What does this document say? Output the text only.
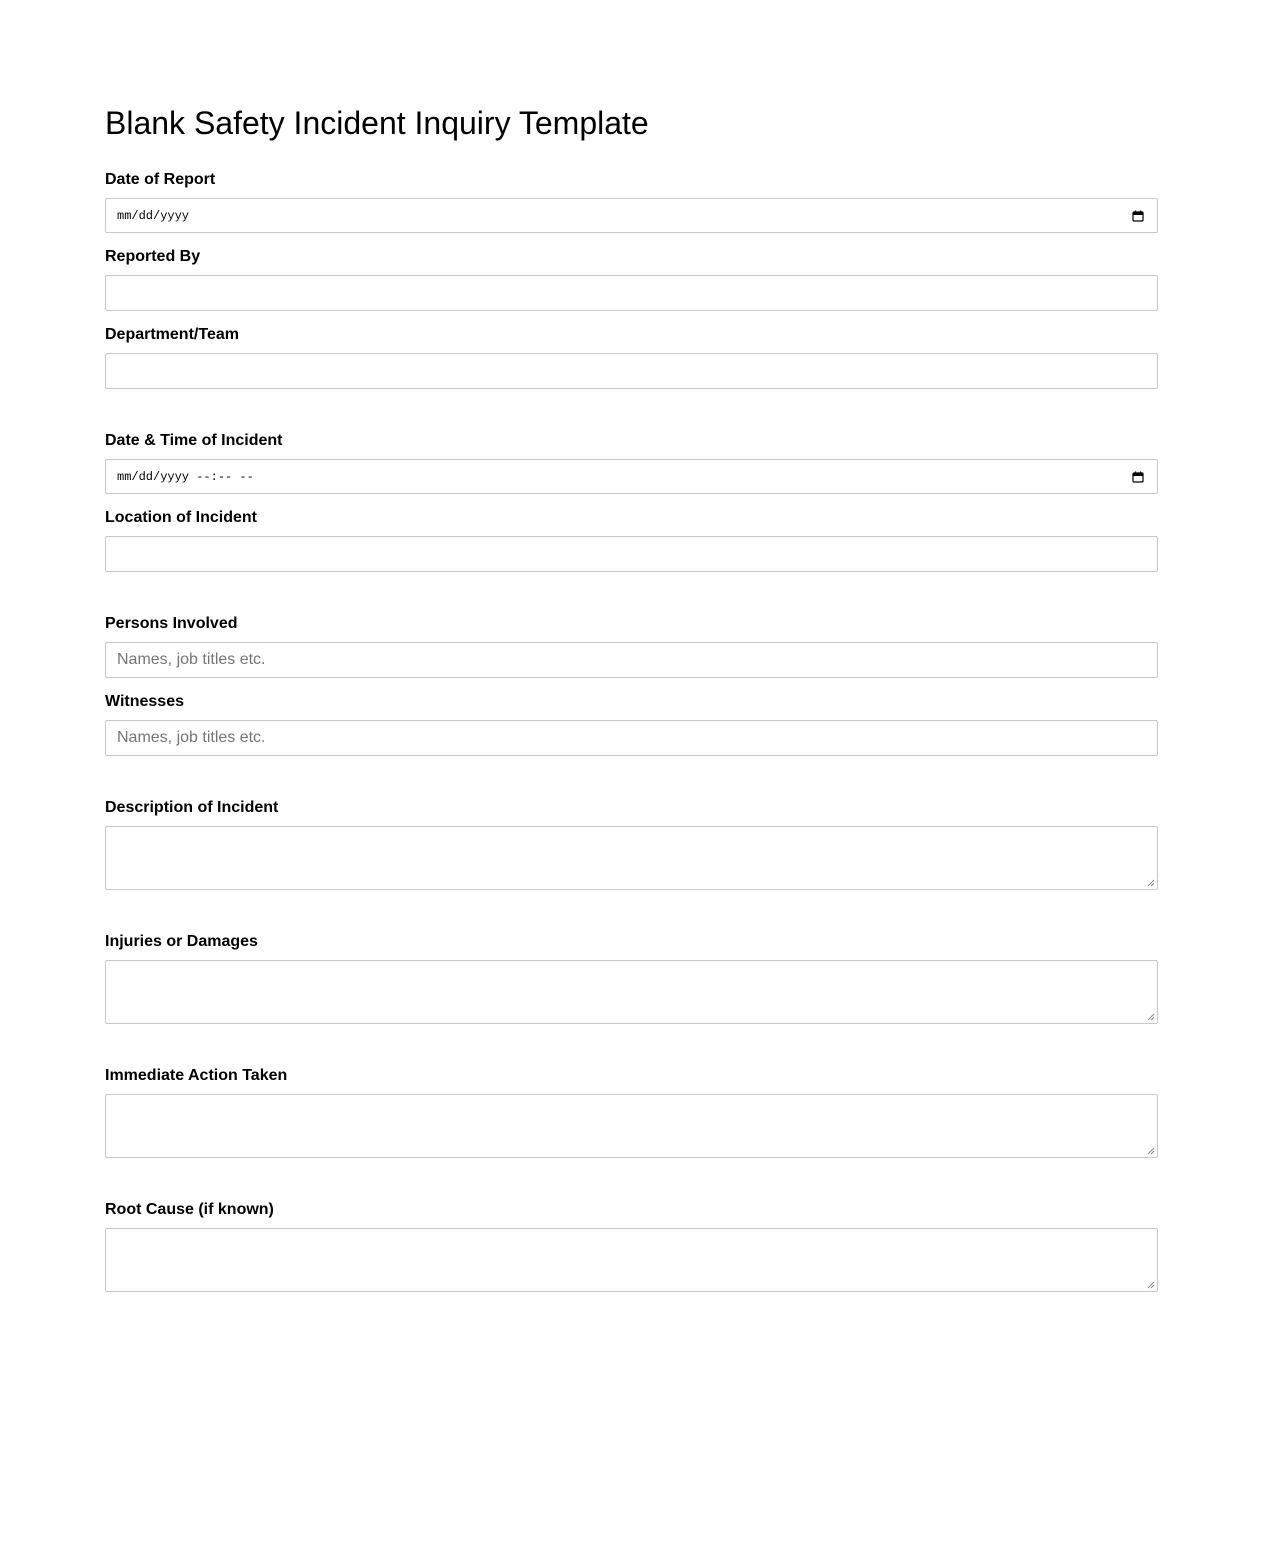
Blank Safety Incident Inquiry Template
Date of Report
mm/dd/yyyy
Reported By
Department/Team
Date & Time of Incident
mm/dd/yyyy --:-- --
Location of Incident
Persons Involved
Names, job titles etc.
Witnesses
Names, job titles etc.
Description of Incident
Injuries or Damages
Immediate Action Taken
Root Cause (if known)
